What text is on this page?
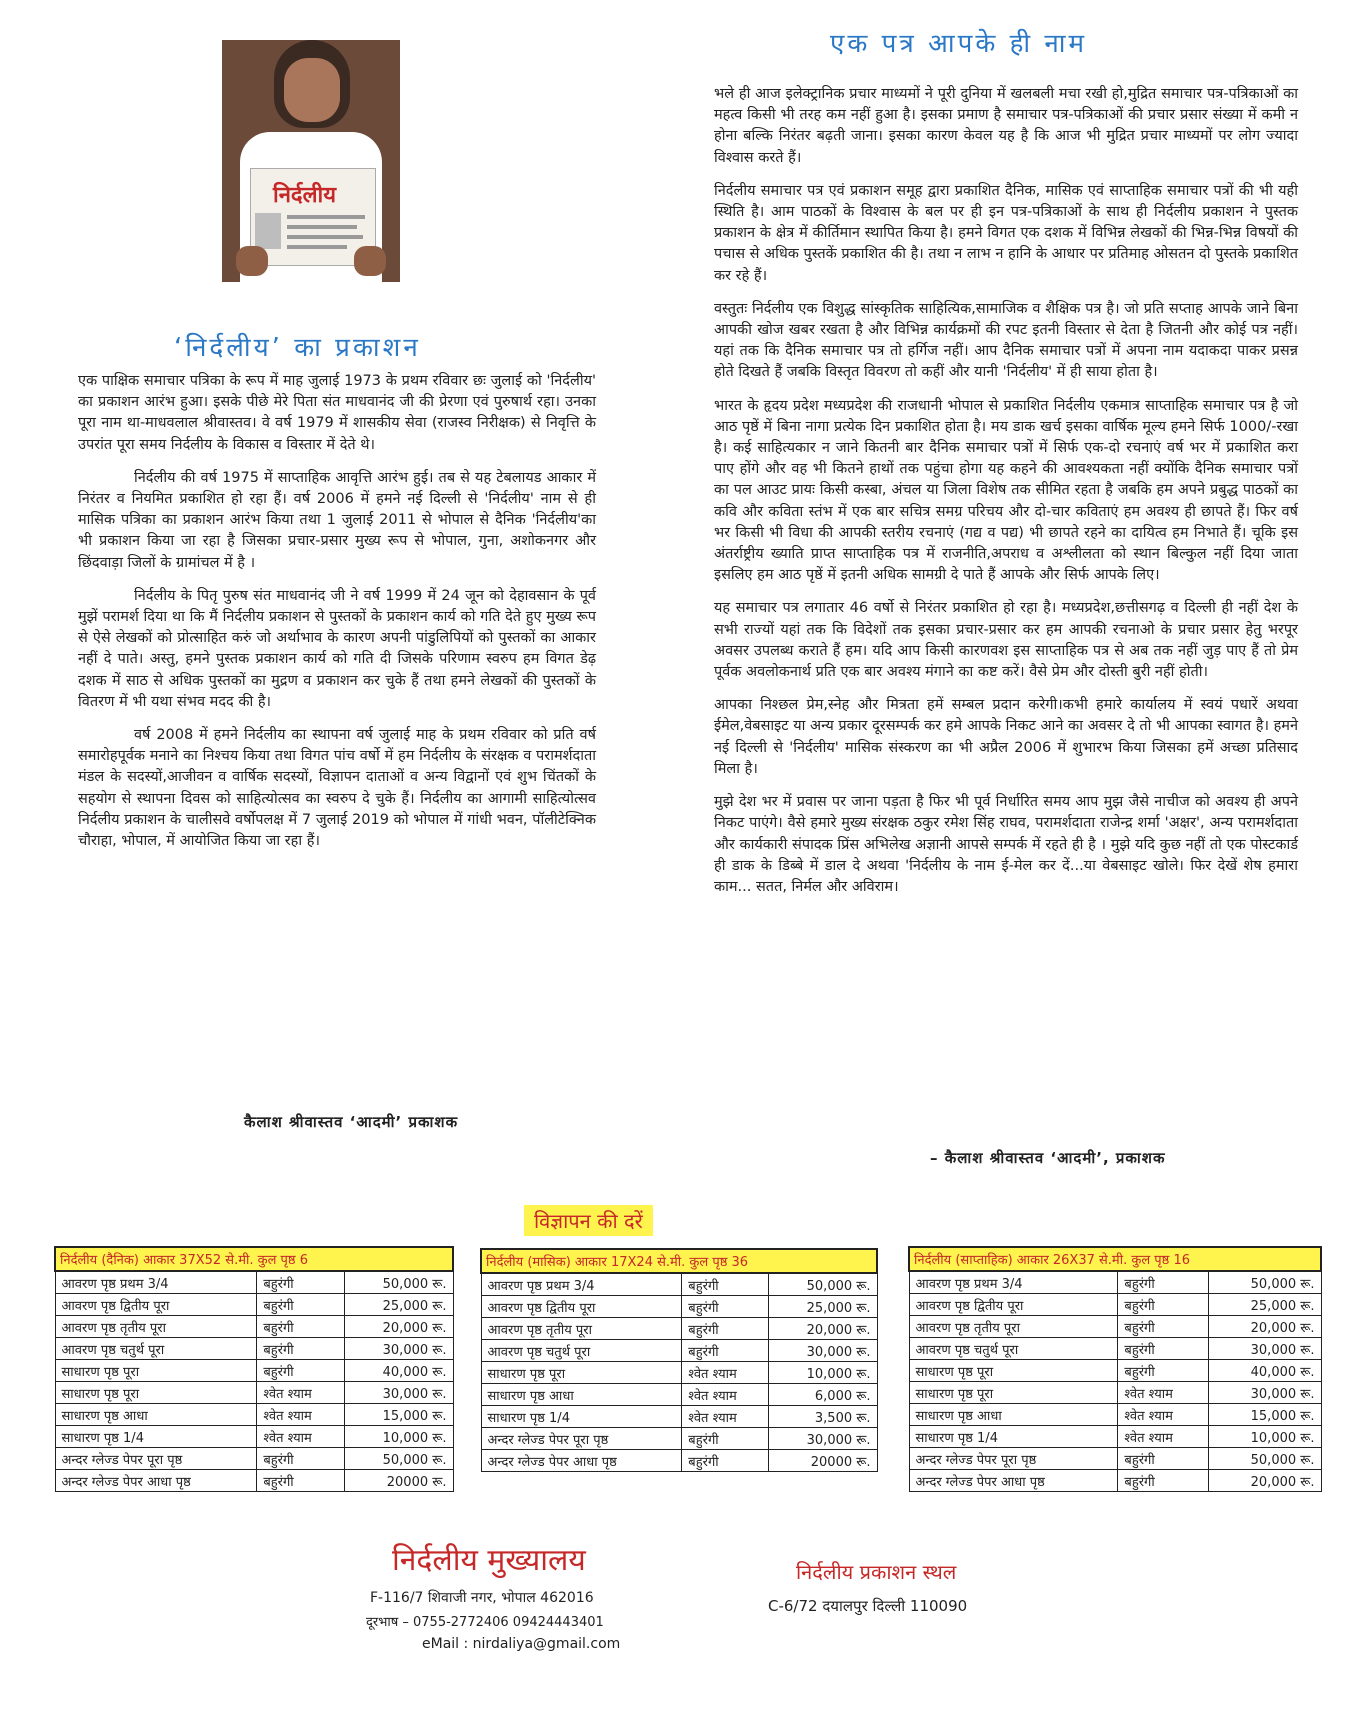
निर्दलीय
‘निर्दलीय’ का प्रकाशन

एक पाक्षिक समाचार पत्रिका के रूप में माह जुलाई 1973 के प्रथम रविवार छः जुलाई को 'निर्दलीय' का प्रकाशन आरंभ हुआ। इसके पीछे मेरे पिता संत माधवानंद जी की प्रेरणा एवं पुरुषार्थ रहा। उनका पूरा नाम था-माधवलाल श्रीवास्तव। वे वर्ष 1979 में शासकीय सेवा (राजस्व निरीक्षक) से निवृत्ति के उपरांत पूरा समय निर्दलीय के विकास व विस्तार में देते थे।

निर्दलीय की वर्ष 1975 में साप्ताहिक आवृत्ति आरंभ हुई। तब से यह टेबलायड आकार में निरंतर व नियमित प्रकाशित हो रहा हैं। वर्ष 2006 में हमने नई दिल्ली से 'निर्दलीय' नाम से ही मासिक पत्रिका का प्रकाशन आरंभ किया तथा 1 जुलाई 2011 से भोपाल से दैनिक 'निर्दलीय'का भी प्रकाशन किया जा रहा है जिसका प्रचार-प्रसार मुख्य रूप से भोपाल, गुना, अशोकनगर और छिंदवाड़ा जिलों के ग्रामांचल में है ।

निर्दलीय के पितृ पुरुष संत माधवानंद जी ने वर्ष 1999 में 24 जून को देहावसान के पूर्व मुझें परामर्श दिया था कि मैं निर्दलीय प्रकाशन से पुस्तकों के प्रकाशन कार्य को गति देते हुए मुख्य रूप से ऐसे लेखकों को प्रोत्साहित करुं जो अर्थाभाव के कारण अपनी पांडुलिपियों को पुस्तकों का आकार नहीं दे पाते। अस्तु, हमने पुस्तक प्रकाशन कार्य को गति दी जिसके परिणाम स्वरुप हम विगत डेढ़ दशक में साठ से अधिक पुस्तकों का मुद्रण व प्रकाशन कर चुके हैं तथा हमने लेखकों की पुस्तकों के वितरण में भी यथा संभव मदद की है।

वर्ष 2008 में हमने निर्दलीय का स्थापना वर्ष जुलाई माह के प्रथम रविवार को प्रति वर्ष समारोहपूर्वक मनाने का निश्चय किया तथा विगत पांच वर्षो में हम निर्दलीय के संरक्षक व परामर्शदाता मंडल के सदस्यों,आजीवन व वार्षिक सदस्यों, विज्ञापन दाताओं व अन्य विद्वानों एवं शुभ चिंतकों के सहयोग से स्थापना दिवस को साहित्योत्सव का स्वरुप दे चुके हैं। निर्दलीय का आगामी साहित्योत्सव निर्दलीय प्रकाशन के चालीसवे वर्षोपलक्ष में 7 जुलाई 2019 को भोपाल में गांधी भवन, पॉलीटेक्निक चौराहा, भोपाल, में आयोजित किया जा रहा हैं।

कैलाश श्रीवास्तव ‘आदमी’ प्रकाशक
एक पत्र आपके ही नाम

भले ही आज इलेक्ट्रानिक प्रचार माध्यमों ने पूरी दुनिया में खलबली मचा रखी हो,मुद्रित समाचार पत्र-पत्रिकाओं का महत्व किसी भी तरह कम नहीं हुआ है। इसका प्रमाण है समाचार पत्र-पत्रिकाओं की प्रचार प्रसार संख्या में कमी न होना बल्कि निरंतर बढ़ती जाना। इसका कारण केवल यह है कि आज भी मुद्रित प्रचार माध्यमों पर लोग ज्यादा विश्वास करते हैं।

निर्दलीय समाचार पत्र एवं प्रकाशन समूह द्वारा प्रकाशित दैनिक, मासिक एवं साप्ताहिक समाचार पत्रों की भी यही स्थिति है। आम पाठकों के विश्वास के बल पर ही इन पत्र-पत्रिकाओं के साथ ही निर्दलीय प्रकाशन ने पुस्तक प्रकाशन के क्षेत्र में कीर्तिमान स्थापित किया है। हमने विगत एक दशक में विभिन्न लेखकों की भिन्न-भिन्न विषयों की पचास से अधिक पुस्तकें प्रकाशित की है। तथा न लाभ न हानि के आधार पर प्रतिमाह ओसतन दो पुस्तके प्रकाशित कर रहे हैं।

वस्तुतः निर्दलीय एक विशुद्ध सांस्कृतिक साहित्यिक,सामाजिक व शैक्षिक पत्र है। जो प्रति सप्ताह आपके जाने बिना आपकी खोज खबर रखता है और विभिन्न कार्यक्रमों की रपट इतनी विस्तार से देता है जितनी और कोई पत्र नहीं। यहां तक कि दैनिक समाचार पत्र तो हर्गिज नहीं। आप दैनिक समाचार पत्रों में अपना नाम यदाकदा पाकर प्रसन्न होते दिखते हैं जबकि विस्तृत विवरण तो कहीं और यानी 'निर्दलीय' में ही साया होता है।

भारत के हृदय प्रदेश मध्यप्रदेश की राजधानी भोपाल से प्रकाशित निर्दलीय एकमात्र साप्ताहिक समाचार पत्र है जो आठ पृष्ठें में बिना नागा प्रत्येक दिन प्रकाशित होता है। मय डाक खर्च इसका वार्षिक मूल्य हमने सिर्फ 1000/-रखा है। कई साहित्यकार न जाने कितनी बार दैनिक समाचार पत्रों में सिर्फ एक-दो रचनाएं वर्ष भर में प्रकाशित करा पाए होंगे और वह भी कितने हाथों तक पहुंचा होगा यह कहने की आवश्यकता नहीं क्योंकि दैनिक समाचार पत्रों का पल आउट प्रायः किसी कस्बा, अंचल या जिला विशेष तक सीमित रहता है जबकि हम अपने प्रबुद्ध पाठकों का कवि और कविता स्तंभ में एक बार सचित्र समग्र परिचय और दो-चार कविताएं हम अवश्य ही छापते हैं। फिर वर्ष भर किसी भी विधा की आपकी स्तरीय रचनाएं (गद्य व पद्य) भी छापते रहने का दायित्व हम निभाते हैं। चूकि इस अंतर्राष्ट्रीय ख्याति प्राप्त साप्ताहिक पत्र में राजनीति,अपराध व अश्लीलता को स्थान बिल्कुल नहीं दिया जाता इसलिए हम आठ पृष्ठें में इतनी अधिक सामग्री दे पाते हैं आपके और सिर्फ आपके लिए।

यह समाचार पत्र लगातार 46 वर्षो से निरंतर प्रकाशित हो रहा है। मध्यप्रदेश,छत्तीसगढ़ व दिल्ली ही नहीं देश के सभी राज्यों यहां तक कि विदेशों तक इसका प्रचार-प्रसार कर हम आपकी रचनाओ के प्रचार प्रसार हेतु भरपूर अवसर उपलब्ध कराते हैं हम। यदि आप किसी कारणवश इस साप्ताहिक पत्र से अब तक नहीं जुड़ पाए हैं तो प्रेम पूर्वक अवलोकनार्थ प्रति एक बार अवश्य मंगाने का कष्ट करें। वैसे प्रेम और दोस्ती बुरी नहीं होती।

आपका निश्छल प्रेम,स्नेह और मित्रता हमें सम्बल प्रदान करेगी।कभी हमारे कार्यालय में स्वयं पधारें अथवा ईमेल,वेबसाइट या अन्य प्रकार दूरसम्पर्क कर हमे आपके निकट आने का अवसर दे तो भी आपका स्वागत है। हमने नई दिल्ली से 'निर्दलीय' मासिक संस्करण का भी अप्रैल 2006 में शुभारभ किया जिसका हमें अच्छा प्रतिसाद मिला है।

मुझे देश भर में प्रवास पर जाना पड़ता है फिर भी पूर्व निर्धारित समय आप मुझ जैसे नाचीज को अवश्य ही अपने निकट पाएंगे। वैसे हमारे मुख्य संरक्षक ठकुर रमेश सिंह राघव, परामर्शदाता राजेन्द्र शर्मा 'अक्षर', अन्य परामर्शदाता और कार्यकारी संपादक प्रिंस अभिलेख अज्ञानी आपसे सम्पर्क में रहते ही है । मुझे यदि कुछ नहीं तो एक पोस्टकार्ड ही डाक के डिब्बे में डाल दे अथवा 'निर्दलीय के नाम ई-मेल कर दें...या वेबसाइट खोले। फिर देखें शेष हमारा काम... सतत, निर्मल और अविराम।

– कैलाश श्रीवास्तव ‘आदमी’, प्रकाशक
विज्ञापन की दरें
निर्दलीय (दैनिक) आकार 37X52 से.मी. कुल पृष्ठ 6		
आवरण पृष्ठ प्रथम 3/4	बहुरंगी	50,000 रू.
आवरण पृष्ठ द्वितीय पूरा	बहुरंगी	25,000 रू.
आवरण पृष्ठ तृतीय पूरा	बहुरंगी	20,000 रू.
आवरण पृष्ठ चतुर्थ पूरा	बहुरंगी	30,000 रू.
साधारण पृष्ठ पूरा	बहुरंगी	40,000 रू.
साधारण पृष्ठ पूरा	श्वेत श्याम	30,000 रू.
साधारण पृष्ठ आधा	श्वेत श्याम	15,000 रू.
साधारण पृष्ठ 1/4	श्वेत श्याम	10,000 रू.
अन्दर ग्लेज्ड पेपर पूरा पृष्ठ	बहुरंगी	50,000 रू.
अन्दर ग्लेज्ड पेपर आधा पृष्ठ	बहुरंगी	20000 रू.
निर्दलीय (मासिक) आकार 17X24 से.मी. कुल पृष्ठ 36		
आवरण पृष्ठ प्रथम 3/4	बहुरंगी	50,000 रू.
आवरण पृष्ठ द्वितीय पूरा	बहुरंगी	25,000 रू.
आवरण पृष्ठ तृतीय पूरा	बहुरंगी	20,000 रू.
आवरण पृष्ठ चतुर्थ पूरा	बहुरंगी	30,000 रू.
साधारण पृष्ठ पूरा	श्वेत श्याम	10,000 रू.
साधारण पृष्ठ आधा	श्वेत श्याम	6,000 रू.
साधारण पृष्ठ 1/4	श्वेत श्याम	3,500 रू.
अन्दर ग्लेज्ड पेपर पूरा पृष्ठ	बहुरंगी	30,000 रू.
अन्दर ग्लेज्ड पेपर आधा पृष्ठ	बहुरंगी	20000 रू.
निर्दलीय (साप्ताहिक) आकार 26X37 से.मी. कुल पृष्ठ 16		
आवरण पृष्ठ प्रथम 3/4	बहुरंगी	50,000 रू.
आवरण पृष्ठ द्वितीय पूरा	बहुरंगी	25,000 रू.
आवरण पृष्ठ तृतीय पूरा	बहुरंगी	20,000 रू.
आवरण पृष्ठ चतुर्थ पूरा	बहुरंगी	30,000 रू.
साधारण पृष्ठ पूरा	बहुरंगी	40,000 रू.
साधारण पृष्ठ पूरा	श्वेत श्याम	30,000 रू.
साधारण पृष्ठ आधा	श्वेत श्याम	15,000 रू.
साधारण पृष्ठ 1/4	श्वेत श्याम	10,000 रू.
अन्दर ग्लेज्ड पेपर पूरा पृष्ठ	बहुरंगी	50,000 रू.
अन्दर ग्लेज्ड पेपर आधा पृष्ठ	बहुरंगी	20,000 रू.
निर्दलीय मुख्यालय
F-116/7 शिवाजी नगर, भोपाल 462016
दूरभाष – 0755-2772406 09424443401
eMail : nirdaliya@gmail.com
निर्दलीय प्रकाशन स्थल
C-6/72 दयालपुर दिल्ली 110090
